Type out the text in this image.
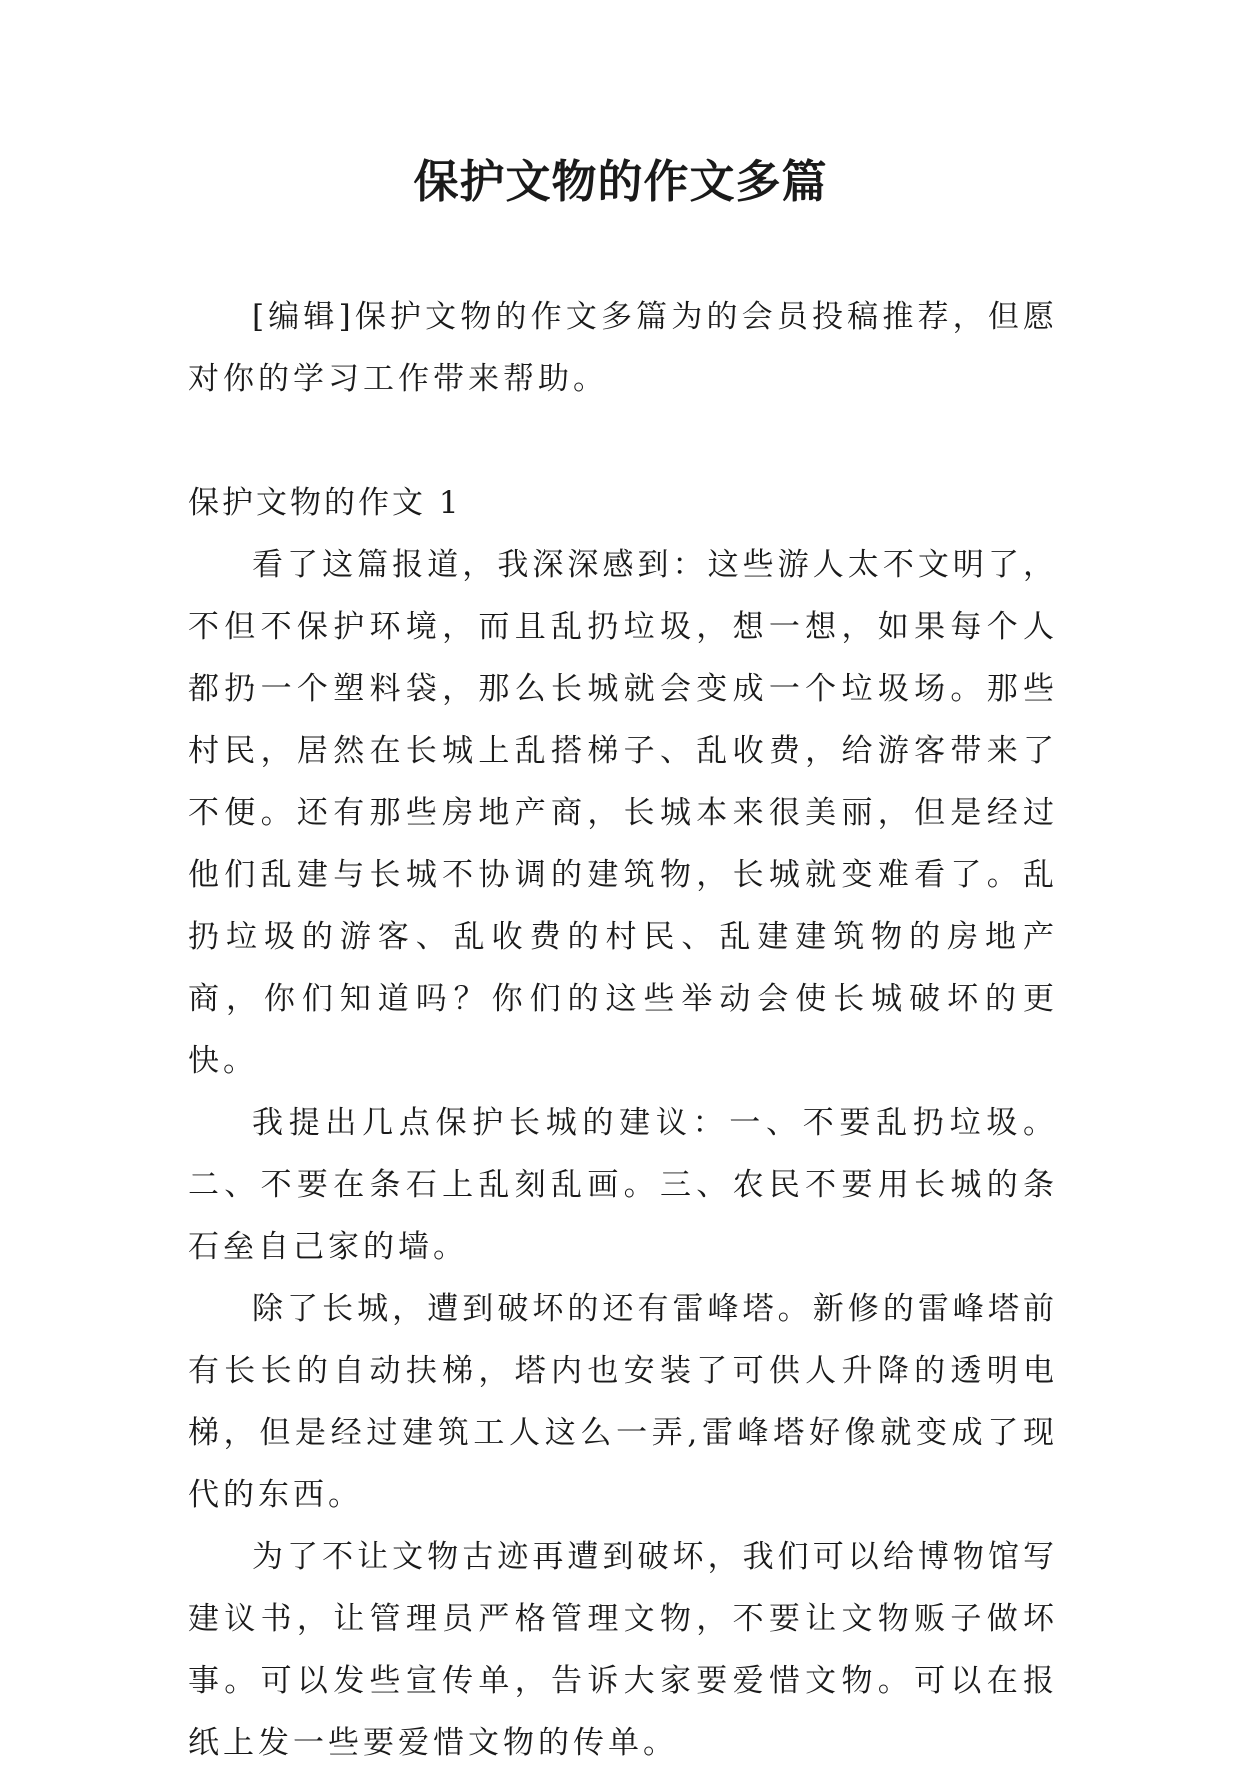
保护文物的作文多篇

[编辑]保护文物的作文多篇为的会员投稿推荐，但愿对你的学习工作带来帮助。

保护文物的作文 1

看了这篇报道，我深深感到：这些游人太不文明了，不但不保护环境，而且乱扔垃圾，想一想，如果每个人都扔一个塑料袋，那么长城就会变成一个垃圾场。那些村民，居然在长城上乱搭梯子、乱收费，给游客带来了不便。还有那些房地产商，长城本来很美丽，但是经过他们乱建与长城不协调的建筑物，长城就变难看了。乱扔垃圾的游客、乱收费的村民、乱建建筑物的房地产商，你们知道吗？你们的这些举动会使长城破坏的更快。

我提出几点保护长城的建议：一、不要乱扔垃圾。二、不要在条石上乱刻乱画。三、农民不要用长城的条石垒自己家的墙。

除了长城，遭到破坏的还有雷峰塔。新修的雷峰塔前有长长的自动扶梯，塔内也安装了可供人升降的透明电梯，但是经过建筑工人这么一弄,雷峰塔好像就变成了现代的东西。

为了不让文物古迹再遭到破坏，我们可以给博物馆写建议书，让管理员严格管理文物，不要让文物贩子做坏事。可以发些宣传单，告诉大家要爱惜文物。可以在报纸上发一些要爱惜文物的传单。
